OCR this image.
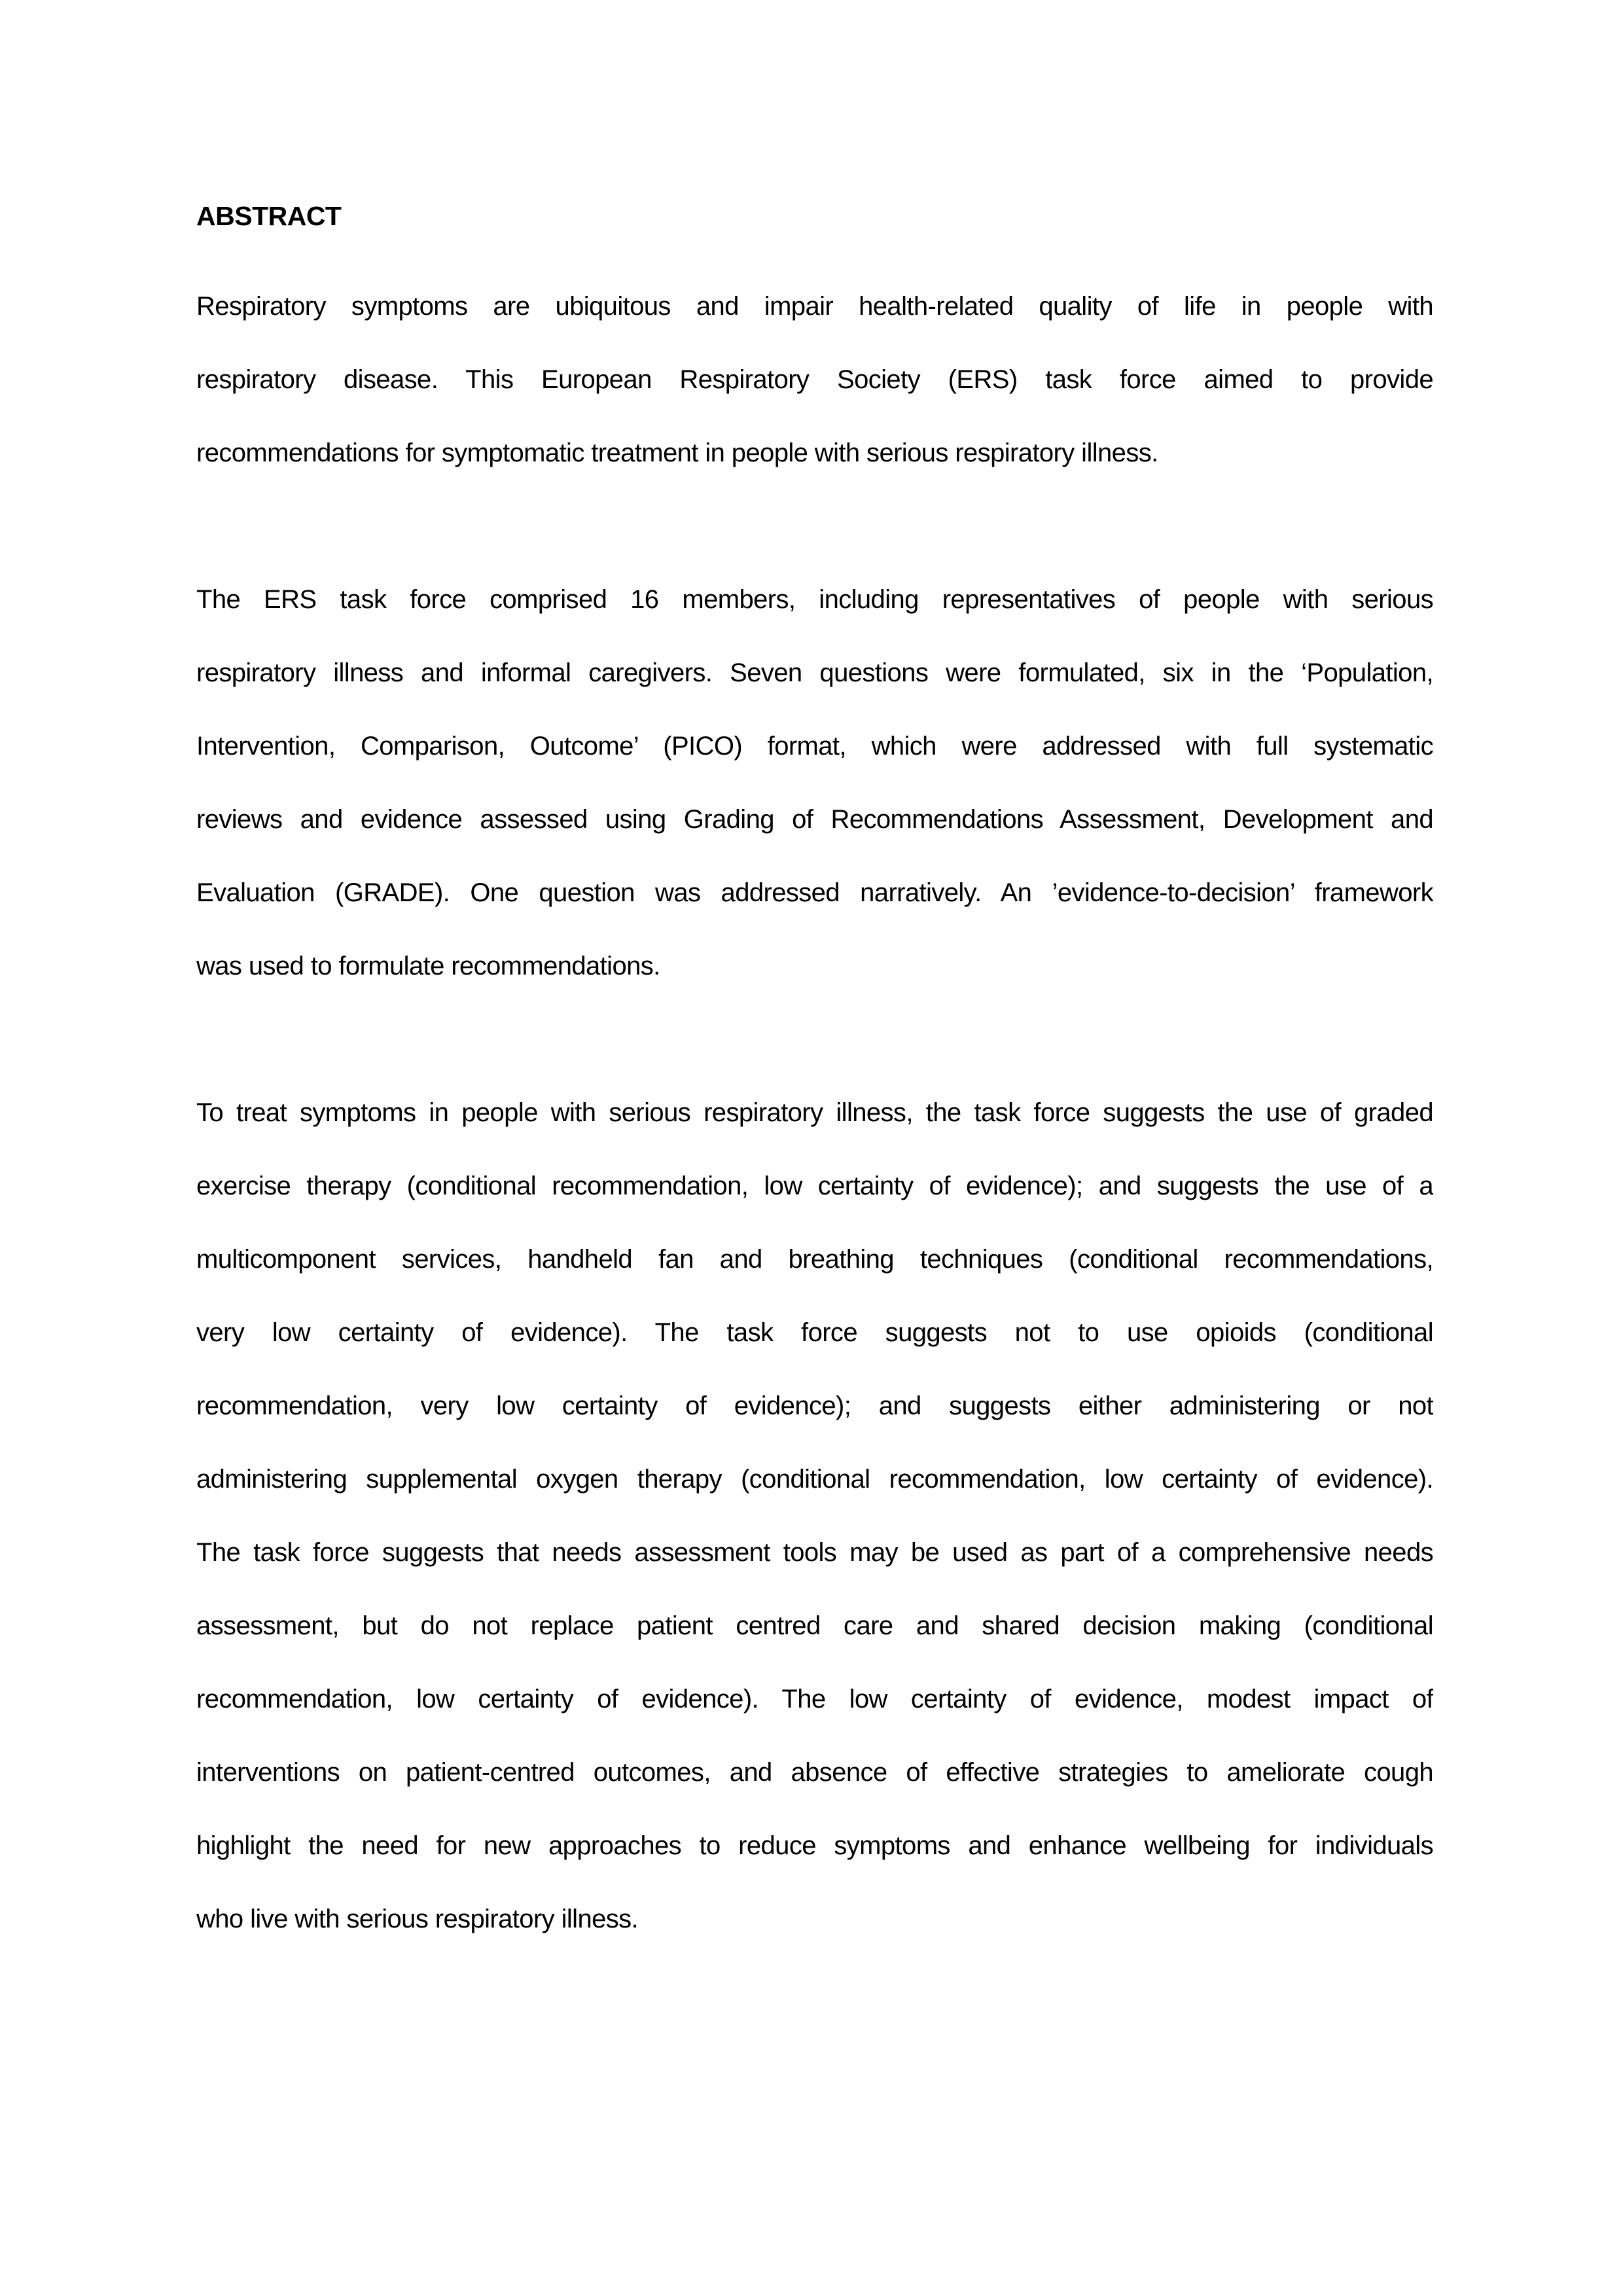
ABSTRACT

Respiratory symptoms are ubiquitous and impair health-related quality of life in people with
respiratory disease. This European Respiratory Society (ERS) task force aimed to provide
recommendations for symptomatic treatment in people with serious respiratory illness.

The ERS task force comprised 16 members, including representatives of people with serious
respiratory illness and informal caregivers. Seven questions were formulated, six in the ‘Population,
Intervention, Comparison, Outcome’ (PICO) format, which were addressed with full systematic
reviews and evidence assessed using Grading of Recommendations Assessment, Development and
Evaluation (GRADE). One question was addressed narratively. An ’evidence-to-decision’ framework
was used to formulate recommendations.

To treat symptoms in people with serious respiratory illness, the task force suggests the use of graded
exercise therapy (conditional recommendation, low certainty of evidence); and suggests the use of a
multicomponent services, handheld fan and breathing techniques (conditional recommendations,
very low certainty of evidence). The task force suggests not to use opioids (conditional
recommendation, very low certainty of evidence); and suggests either administering or not
administering supplemental oxygen therapy (conditional recommendation, low certainty of evidence).
The task force suggests that needs assessment tools may be used as part of a comprehensive needs
assessment, but do not replace patient centred care and shared decision making (conditional
recommendation, low certainty of evidence). The low certainty of evidence, modest impact of
interventions on patient-centred outcomes, and absence of effective strategies to ameliorate cough
highlight the need for new approaches to reduce symptoms and enhance wellbeing for individuals
who live with serious respiratory illness.
